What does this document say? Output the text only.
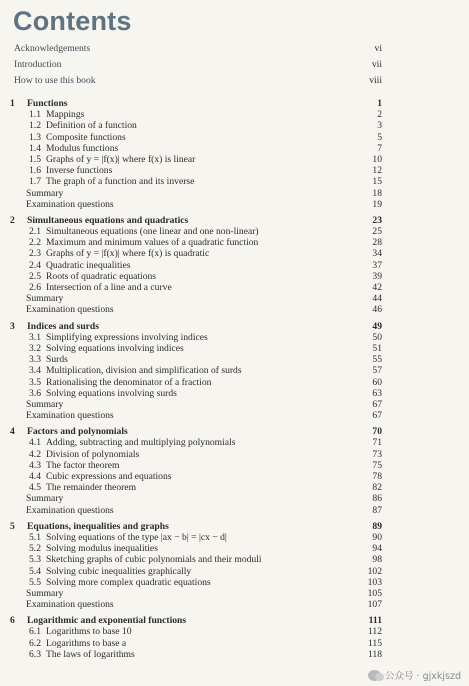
Contents
Acknowledgements	vi
Introduction	vii
How to use this book	viii
1 Functions	1
1.1 Mappings	2
1.2 Definition of a function	3
1.3 Composite functions	5
1.4 Modulus functions	7
1.5 Graphs of y = |f(x)| where f(x) is linear	10
1.6 Inverse functions	12
1.7 The graph of a function and its inverse	15
Summary	18
Examination questions	19
2 Simultaneous equations and quadratics	23
2.1 Simultaneous equations (one linear and one non-linear)	25
2.2 Maximum and minimum values of a quadratic function	28
2.3 Graphs of y = |f(x)| where f(x) is quadratic	34
2.4 Quadratic inequalities	37
2.5 Roots of quadratic equations	39
2.6 Intersection of a line and a curve	42
Summary	44
Examination questions	46
3 Indices and surds	49
3.1 Simplifying expressions involving indices	50
3.2 Solving equations involving indices	51
3.3 Surds	55
3.4 Multiplication, division and simplification of surds	57
3.5 Rationalising the denominator of a fraction	60
3.6 Solving equations involving surds	63
Summary	67
Examination questions	67
4 Factors and polynomials	70
4.1 Adding, subtracting and multiplying polynomials	71
4.2 Division of polynomials	73
4.3 The factor theorem	75
4.4 Cubic expressions and equations	78
4.5 The remainder theorem	82
Summary	86
Examination questions	87
5 Equations, inequalities and graphs	89
5.1 Solving equations of the type |ax − b| = |cx − d|	90
5.2 Solving modulus inequalities	94
5.3 Sketching graphs of cubic polynomials and their moduli	98
5.4 Solving cubic inequalities graphically	102
5.5 Solving more complex quadratic equations	103
Summary	105
Examination questions	107
6 Logarithmic and exponential functions	111
6.1 Logarithms to base 10	112
6.2 Logarithms to base a	115
6.3 The laws of logarithms	118
公众号 · gjxkjszd
